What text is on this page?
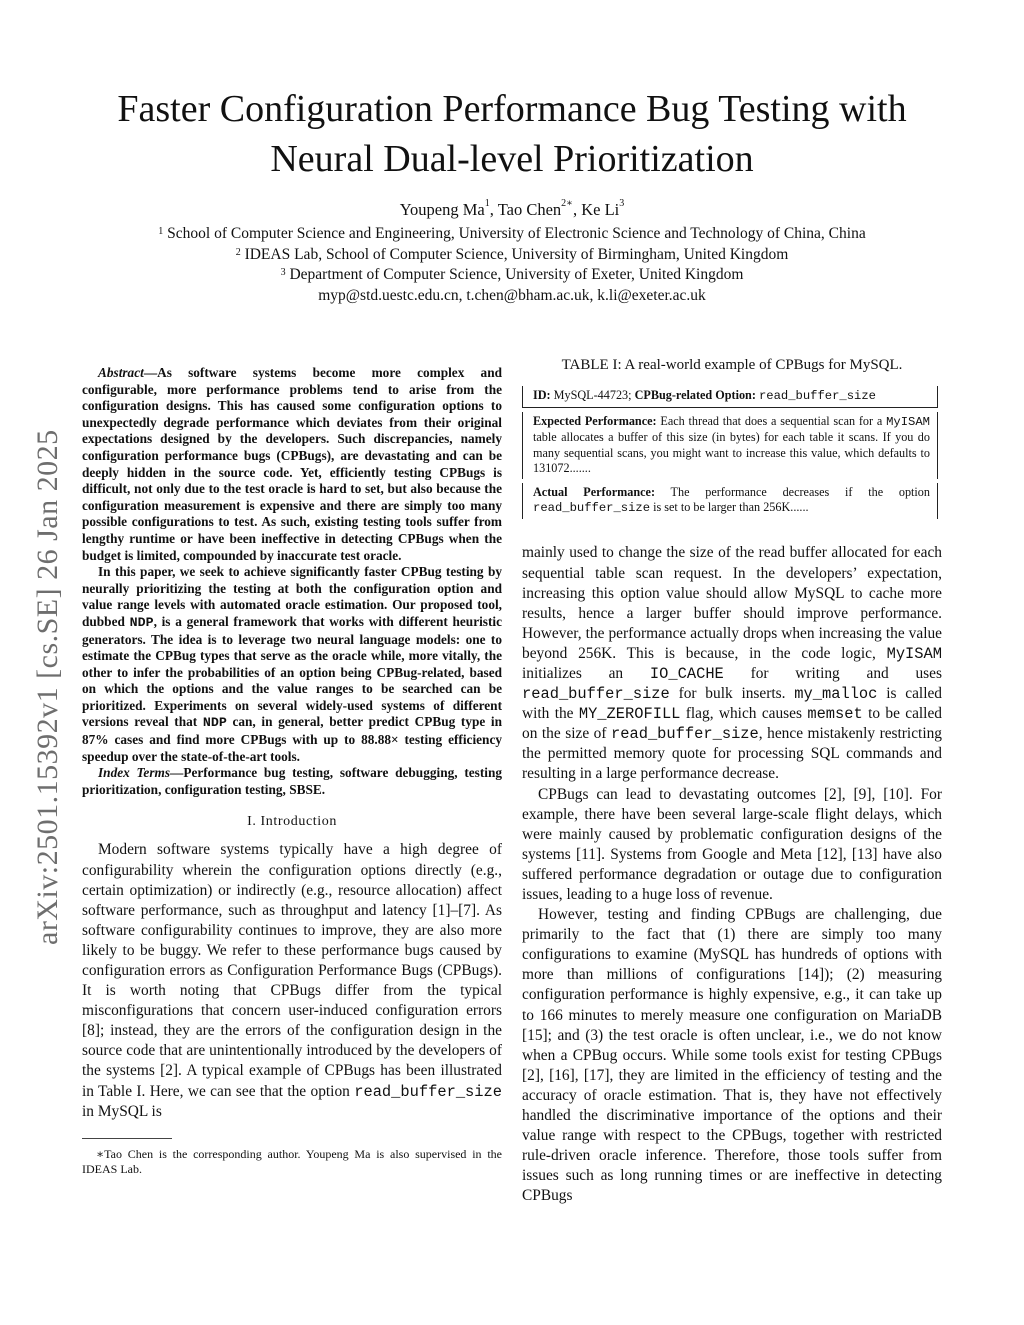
arXiv:2501.15392v1 [cs.SE] 26 Jan 2025
Faster Configuration Performance Bug Testing with
Neural Dual-level Prioritization
Youpeng Ma$^1$, Tao Chen$^{2∗}$, Ke Li$^3$
$^1$ School of Computer Science and Engineering, University of Electronic Science and Technology of China, China
$^2$ IDEAS Lab, School of Computer Science, University of Birmingham, United Kingdom
$^3$ Department of Computer Science, University of Exeter, United Kingdom
myp@std.uestc.edu.cn, t.chen@bham.ac.uk, k.li@exeter.ac.uk

Abstract—As software systems become more complex and configurable, more performance problems tend to arise from the configuration designs. This has caused some configuration options to unexpectedly degrade performance which deviates from their original expectations designed by the developers. Such discrepancies, namely configuration performance bugs (CPBugs), are devastating and can be deeply hidden in the source code. Yet, efficiently testing CPBugs is difficult, not only due to the test oracle is hard to set, but also because the configuration measurement is expensive and there are simply too many possible configurations to test. As such, existing testing tools suffer from lengthy runtime or have been ineffective in detecting CPBugs when the budget is limited, compounded by inaccurate test oracle.

In this paper, we seek to achieve significantly faster CPBug testing by neurally prioritizing the testing at both the configuration option and value range levels with automated oracle estimation. Our proposed tool, dubbed NDP, is a general framework that works with different heuristic generators. The idea is to leverage two neural language models: one to estimate the CPBug types that serve as the oracle while, more vitally, the other to infer the probabilities of an option being CPBug-related, based on which the options and the value ranges to be searched can be prioritized. Experiments on several widely-used systems of different versions reveal that NDP can, in general, better predict CPBug type in 87% cases and find more CPBugs with up to 88.88× testing efficiency speedup over the state-of-the-art tools.

Index Terms—Performance bug testing, software debugging, testing prioritization, configuration testing, SBSE.

I. Introduction

Modern software systems typically have a high degree of configurability wherein the configuration options directly (e.g., certain optimization) or indirectly (e.g., resource allocation) affect software performance, such as throughput and latency [1]–[7]. As software configurability continues to improve, they are also more likely to be buggy. We refer to these performance bugs caused by configuration errors as Configuration Performance Bugs (CPBugs). It is worth noting that CPBugs differ from the typical misconfigurations that concern user-induced configuration errors [8]; instead, they are the errors of the configuration design in the source code that are unintentionally introduced by the developers of the systems [2]. A typical example of CPBugs has been illustrated in Table I. Here, we can see that the option read_buffer_size in MySQL is

∗Tao Chen is the corresponding author. Youpeng Ma is also supervised in the IDEAS Lab.
TABLE I: A real-world example of CPBugs for MySQL.
ID: MySQL-44723; CPBug-related Option: read_buffer_size
Expected Performance: Each thread that does a sequential scan for a MyISAM table allocates a buffer of this size (in bytes) for each table it scans. If you do many sequential scans, you might want to increase this value, which defaults to 131072.......
Actual Performance: The performance decreases if the option read_buffer_size is set to be larger than 256K......

mainly used to change the size of the read buffer allocated for each sequential table scan request. In the developers’ expectation, increasing this option value should allow MySQL to cache more results, hence a larger buffer should improve performance. However, the performance actually drops when increasing the value beyond 256K. This is because, in the code logic, MyISAM initializes an IO_CACHE for writing and uses read_buffer_size for bulk inserts. my_malloc is called with the MY_ZEROFILL flag, which causes memset to be called on the size of read_buffer_size, hence mistakenly restricting the permitted memory quote for processing SQL commands and resulting in a large performance decrease.

CPBugs can lead to devastating outcomes [2], [9], [10]. For example, there have been several large-scale flight delays, which were mainly caused by problematic configuration designs of the systems [11]. Systems from Google and Meta [12], [13] have also suffered performance degradation or outage due to configuration issues, leading to a huge loss of revenue.

However, testing and finding CPBugs are challenging, due primarily to the fact that (1) there are simply too many configurations to examine (MySQL has hundreds of options with more than millions of configurations [14]); (2) measuring configuration performance is highly expensive, e.g., it can take up to 166 minutes to merely measure one configuration on MariaDB [15]; and (3) the test oracle is often unclear, i.e., we do not know when a CPBug occurs. While some tools exist for testing CPBugs [2], [16], [17], they are limited in the efficiency of testing and the accuracy of oracle estimation. That is, they have not effectively handled the discriminative importance of the options and their value range with respect to the CPBugs, together with restricted rule-driven oracle inference. Therefore, those tools suffer from issues such as long running times or are ineffective in detecting CPBugs
